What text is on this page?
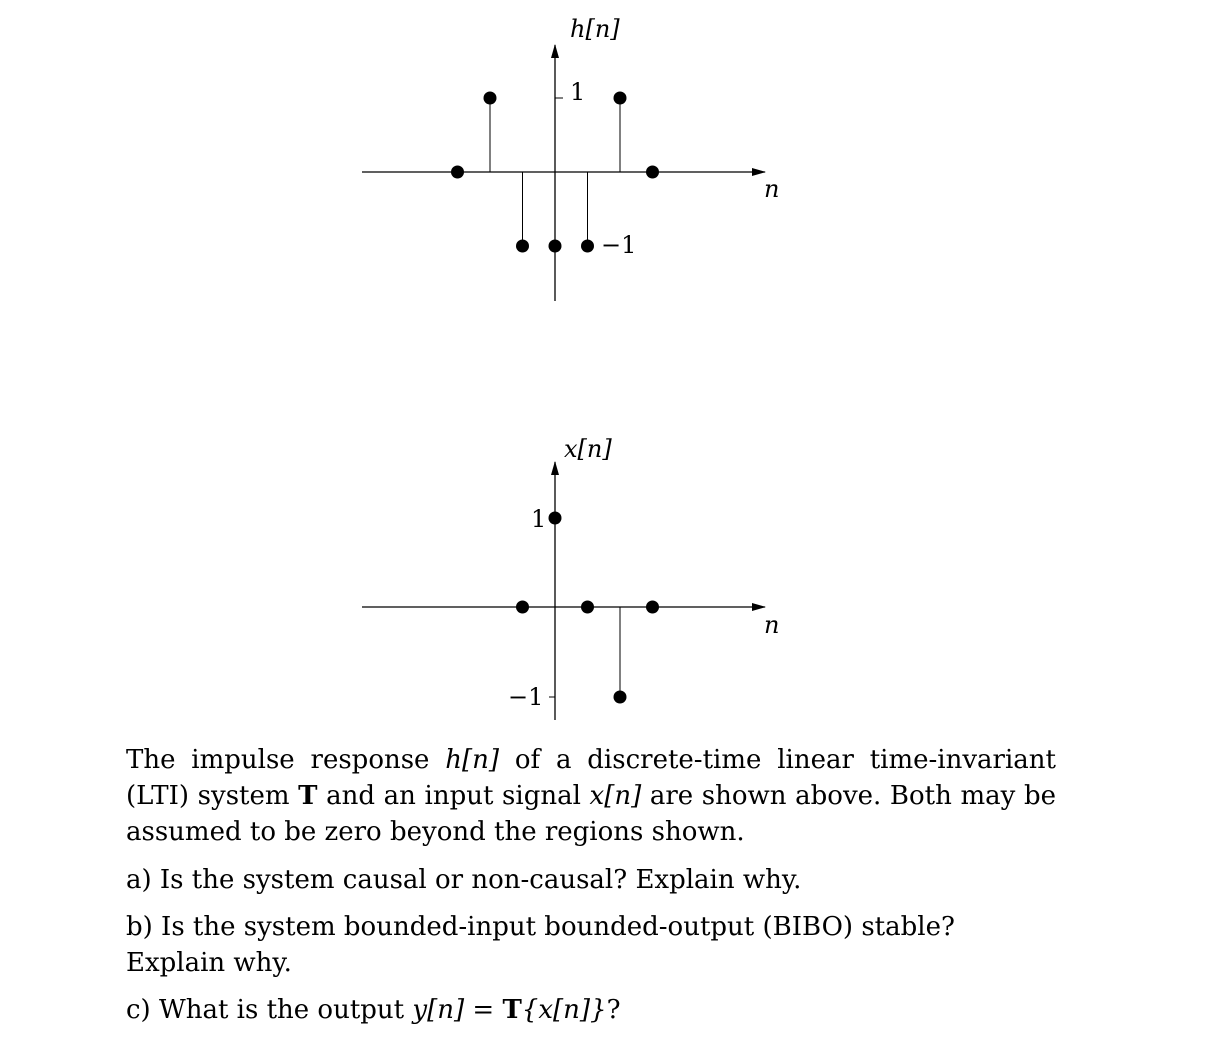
1
−1
h[n]
n
1
−1
x[n]
n

The impulse response h[n] of a discrete-time linear time-invariant (LTI) system T and an input signal x[n] are shown above. Both may be assumed to be zero beyond the regions shown.

a) Is the system causal or non-causal? Explain why.

b) Is the system bounded-input bounded-output (BIBO) stable? Explain why.

c) What is the output y[n] = T{x[n]}?
